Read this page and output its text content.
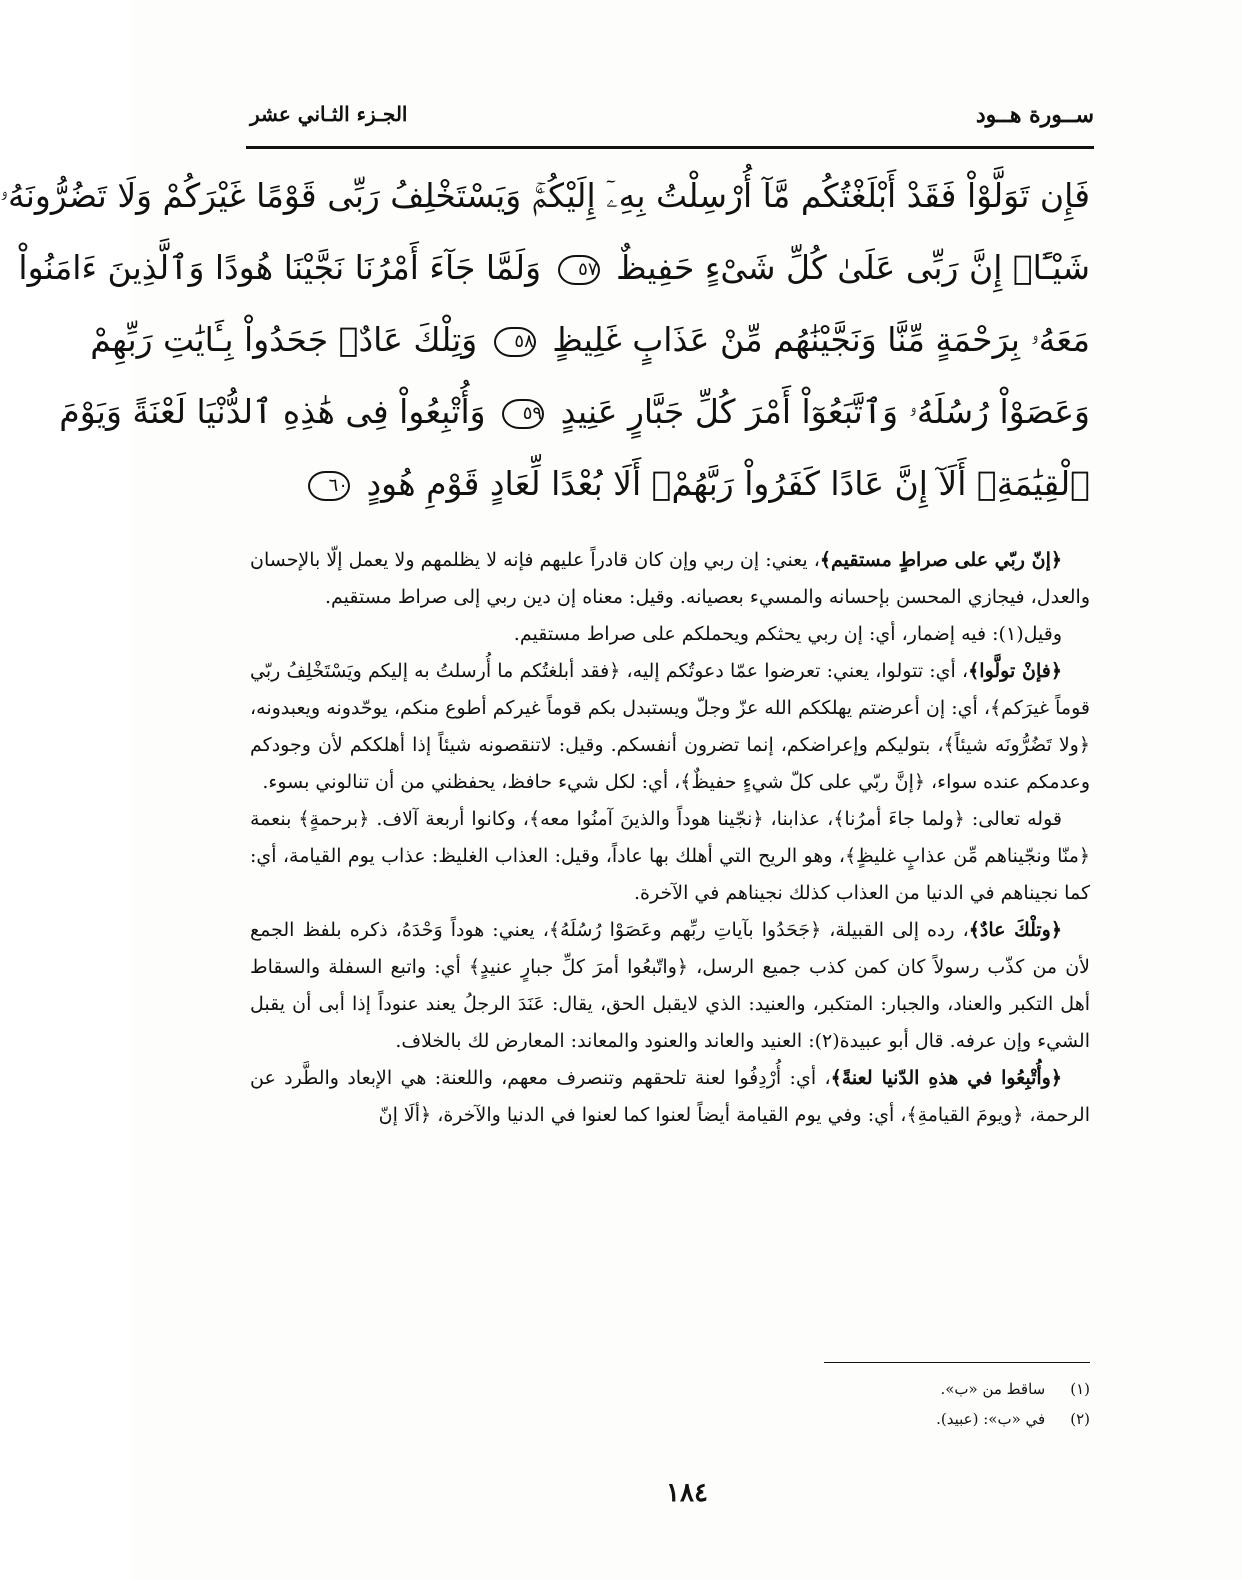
ســورة هــود
الجـزء الثـاني عشر
فَإِن تَوَلَّوْاْ فَقَدْ أَبْلَغْتُكُم مَّآ أُرْسِلْتُ بِهِۦٓ إِلَيْكُمْۚ وَيَسْتَخْلِفُ رَبِّى قَوْمًا غَيْرَكُمْ وَلَا تَضُرُّونَهُۥ
شَيْـًٔاۚ إِنَّ رَبِّى عَلَىٰ كُلِّ شَىْءٍ حَفِيظٌ ٥٧ وَلَمَّا جَآءَ أَمْرُنَا نَجَّيْنَا هُودًا وَٱلَّذِينَ ءَامَنُواْ
مَعَهُۥ بِرَحْمَةٍ مِّنَّا وَنَجَّيْنَٰهُم مِّنْ عَذَابٍ غَلِيظٍ ٥٨ وَتِلْكَ عَادٌۖ جَحَدُواْ بِـَٔايَٰتِ رَبِّهِمْ
وَعَصَوْاْ رُسُلَهُۥ وَٱتَّبَعُوٓاْ أَمْرَ كُلِّ جَبَّارٍ عَنِيدٍ ٥٩ وَأُتْبِعُواْ فِى هَٰذِهِ ٱلدُّنْيَا لَعْنَةً وَيَوْمَ
ٱلْقِيَٰمَةِۗ أَلَآ إِنَّ عَادًا كَفَرُواْ رَبَّهُمْۗ أَلَا بُعْدًا لِّعَادٍ قَوْمِ هُودٍ ٦٠

﴿إنّ ربّي على صراطٍ مستقيم﴾، يعني: إن ربي وإن كان قادراً عليهم فإنه لا يظلمهم ولا يعمل إلّا بالإحسان والعدل، فيجازي المحسن بإحسانه والمسيء بعصيانه. وقيل: معناه إن دين ربي إلى صراط مستقيم.

وقيل(١): فيه إضمار، أي: إن ربي يحثكم ويحملكم على صراط مستقيم.

﴿فإنْ تولَّوا﴾، أي: تتولوا، يعني: تعرضوا عمّا دعوتُكم إليه، ﴿فقد أبلغتُكم ما أُرسلتُ به إليكم ويَسْتَخْلِفُ ربّي قوماً غيرَكم﴾، أي: إن أعرضتم يهلككم الله عزّ وجلّ ويستبدل بكم قوماً غيركم أطوع منكم، يوحّدونه ويعبدونه، ﴿ولا تَضُرُّونَه شيئاً﴾، بتوليكم وإعراضكم، إنما تضرون أنفسكم. وقيل: لاتنقصونه شيئاً إذا أهلككم لأن وجودكم وعدمكم عنده سواء، ﴿إنَّ ربّي على كلّ شيءٍ حفيظٌ﴾، أي: لكل شيء حافظ، يحفظني من أن تنالوني بسوء.

قوله تعالى: ﴿ولما جاءَ أمرُنا﴾، عذابنا، ﴿نجّينا هوداً والذينَ آمنُوا معه﴾، وكانوا أربعة آلاف. ﴿برحمةٍ﴾ بنعمة ﴿منّا ونجّيناهم مِّن عذابٍ غليظٍ﴾، وهو الريح التي أهلك بها عاداً، وقيل: العذاب الغليظ: عذاب يوم القيامة، أي: كما نجيناهم في الدنيا من العذاب كذلك نجيناهم في الآخرة.

﴿وتلْكَ عادٌ﴾، رده إلى القبيلة، ﴿جَحَدُوا بآياتِ ربِّهم وعَصَوْا رُسُلَهُ﴾، يعني: هوداً وَحْدَهُ، ذكره بلفظ الجمع لأن من كذّب رسولاً كان كمن كذب جميع الرسل، ﴿واتّبعُوا أمرَ كلِّ جبارٍ عنيدٍ﴾ أي: واتبع السفلة والسقاط أهل التكبر والعناد، والجبار: المتكبر، والعنيد: الذي لايقبل الحق، يقال: عَنَدَ الرجلُ يعند عنوداً إذا أبى أن يقبل الشيء وإن عرفه. قال أبو عبيدة(٢): العنيد والعاند والعنود والمعاند: المعارض لك بالخلاف.

﴿وأُتْبِعُوا في هذهِ الدّنيا لعنةً﴾، أي: أُرْدِفُوا لعنة تلحقهم وتنصرف معهم، واللعنة: هي الإبعاد والطَّرد عن الرحمة، ﴿ويومَ القيامةِ﴾، أي: وفي يوم القيامة أيضاً لعنوا كما لعنوا في الدنيا والآخرة، ﴿ألَا إنّ

(١) ساقط من «ب».
(٢) في «ب»: (عبيد).
١٨٤
